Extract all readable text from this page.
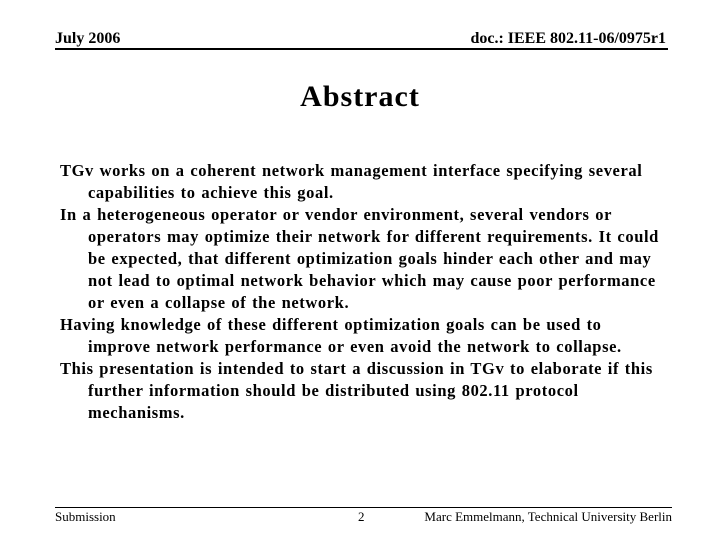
July 2006	doc.: IEEE 802.11-06/0975r1
Abstract

TGv works on a coherent network management interface specifying several capabilities to achieve this goal.

In a heterogeneous operator or vendor environment, several vendors or operators may optimize their network for different requirements. It could be expected, that different optimization goals hinder each other and may not lead to optimal network behavior which may cause poor performance or even a collapse of the network.

Having knowledge of these different optimization goals can be used to improve network performance or even avoid the network to collapse.

This presentation is intended to start a discussion in TGv to elaborate if this further information should be distributed using 802.11 protocol mechanisms.

Submission	2	Marc Emmelmann, Technical University Berlin
